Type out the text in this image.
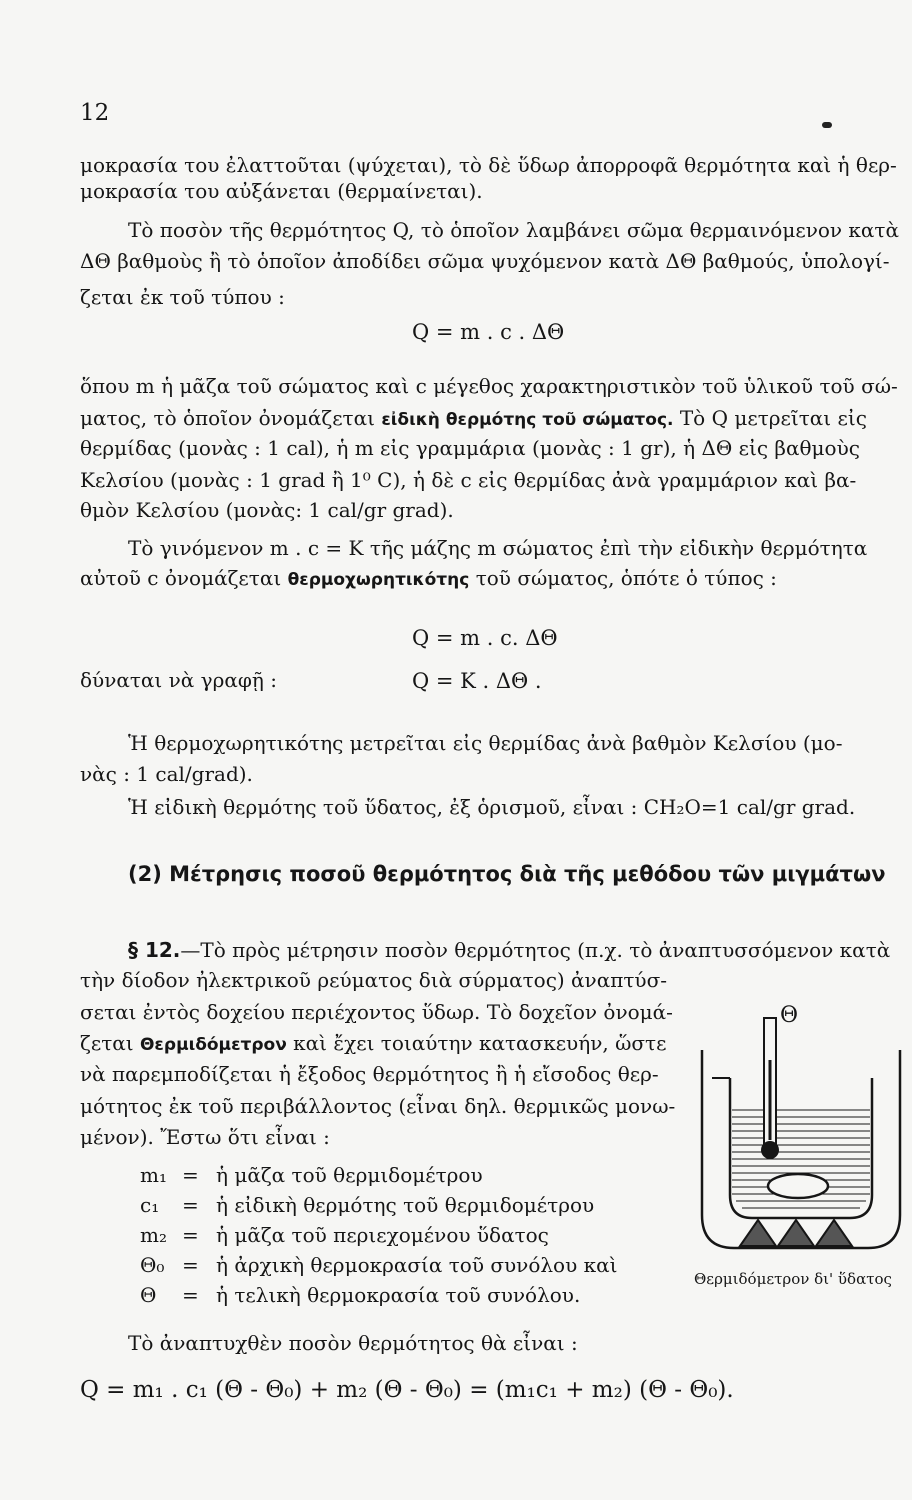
12
μοκρασία του ἐλαττοῦται (ψύχεται), τὸ δὲ ὕδωρ ἀπορροφᾶ θερμότητα καὶ ἡ θερ-
μοκρασία του αὐξάνεται (θερμαίνεται).
Τὸ ποσὸν τῆς θερμότητος Q, τὸ ὁποῖον λαμβάνει σῶμα θερμαινόμενον κατὰ
ΔΘ βαθμοὺς ἢ τὸ ὁποῖον ἀποδίδει σῶμα ψυχόμενον κατὰ ΔΘ βαθμούς, ὑπολογί-
ζεται ἐκ τοῦ τύπου :
Q = m . c . ΔΘ
ὅπου m ἡ μᾶζα τοῦ σώματος καὶ c μέγεθος χαρακτηριστικὸν τοῦ ὑλικοῦ τοῦ σώ-
ματος, τὸ ὁποῖον ὀνομάζεται εἰδικὴ θερμότης τοῦ σώματος. Τὸ Q μετρεῖται εἰς
θερμίδας (μονὰς : 1 cal), ἡ m εἰς γραμμάρια (μονὰς : 1 gr), ἡ ΔΘ εἰς βαθμοὺς
Κελσίου (μονὰς : 1 grad ἢ 1⁰ C), ἡ δὲ c εἰς θερμίδας ἀνὰ γραμμάριον καὶ βα-
θμὸν Κελσίου (μονὰς: 1 cal/gr grad).
Τὸ γινόμενον m . c = K τῆς μάζης m σώματος ἐπὶ τὴν εἰδικὴν θερμότητα
αὐτοῦ c ὀνομάζεται θερμοχωρητικότης τοῦ σώματος, ὁπότε ὁ τύπος :
Q = m . c. ΔΘ
δύναται νὰ γραφῇ :	Q = K . ΔΘ .
Ἡ θερμοχωρητικότης μετρεῖται εἰς θερμίδας ἀνὰ βαθμὸν Κελσίου (μο-
νὰς : 1 cal/grad).
Ἡ εἰδικὴ θερμότης τοῦ ὕδατος, ἐξ ὁρισμοῦ, εἶναι : CH₂O=1 cal/gr grad.
(2) Μέτρησις ποσοῦ θερμότητος διὰ τῆς μεθόδου τῶν μιγμάτων
§ 12.—Τὸ πρὸς μέτρησιν ποσὸν θερμότητος (π.χ. τὸ ἀναπτυσσόμενον κατὰ
τὴν δίοδον ἠλεκτρικοῦ ρεύματος διὰ σύρματος) ἀναπτύσ-
σεται ἐντὸς δοχείου περιέχοντος ὕδωρ. Τὸ δοχεῖον ὀνομά-
ζεται Θερμιδόμετρον καὶ ἔχει τοιαύτην κατασκευήν, ὥστε
νὰ παρεμποδίζεται ἡ ἔξοδος θερμότητος ἢ ἡ εἴσοδος θερ-
μότητος ἐκ τοῦ περιβάλλοντος (εἶναι δηλ. θερμικῶς μονω-
μένον). Ἔστω ὅτι εἶναι :
m₁ = ἡ μᾶζα τοῦ θερμιδομέτρου
c₁ = ἡ εἰδικὴ θερμότης τοῦ θερμιδομέτρου
m₂ = ἡ μᾶζα τοῦ περιεχομένου ὕδατος
Θ₀ = ἡ ἀρχικὴ θερμοκρασία τοῦ συνόλου καὶ
Θ = ἡ τελικὴ θερμοκρασία τοῦ συνόλου.
Θ
Θερμιδόμετρον δι' ὕδατος
Τὸ ἀναπτυχθὲν ποσὸν θερμότητος θὰ εἶναι :
Q = m₁ . c₁ (Θ - Θ₀) + m₂ (Θ - Θ₀) = (m₁c₁ + m₂) (Θ - Θ₀).
